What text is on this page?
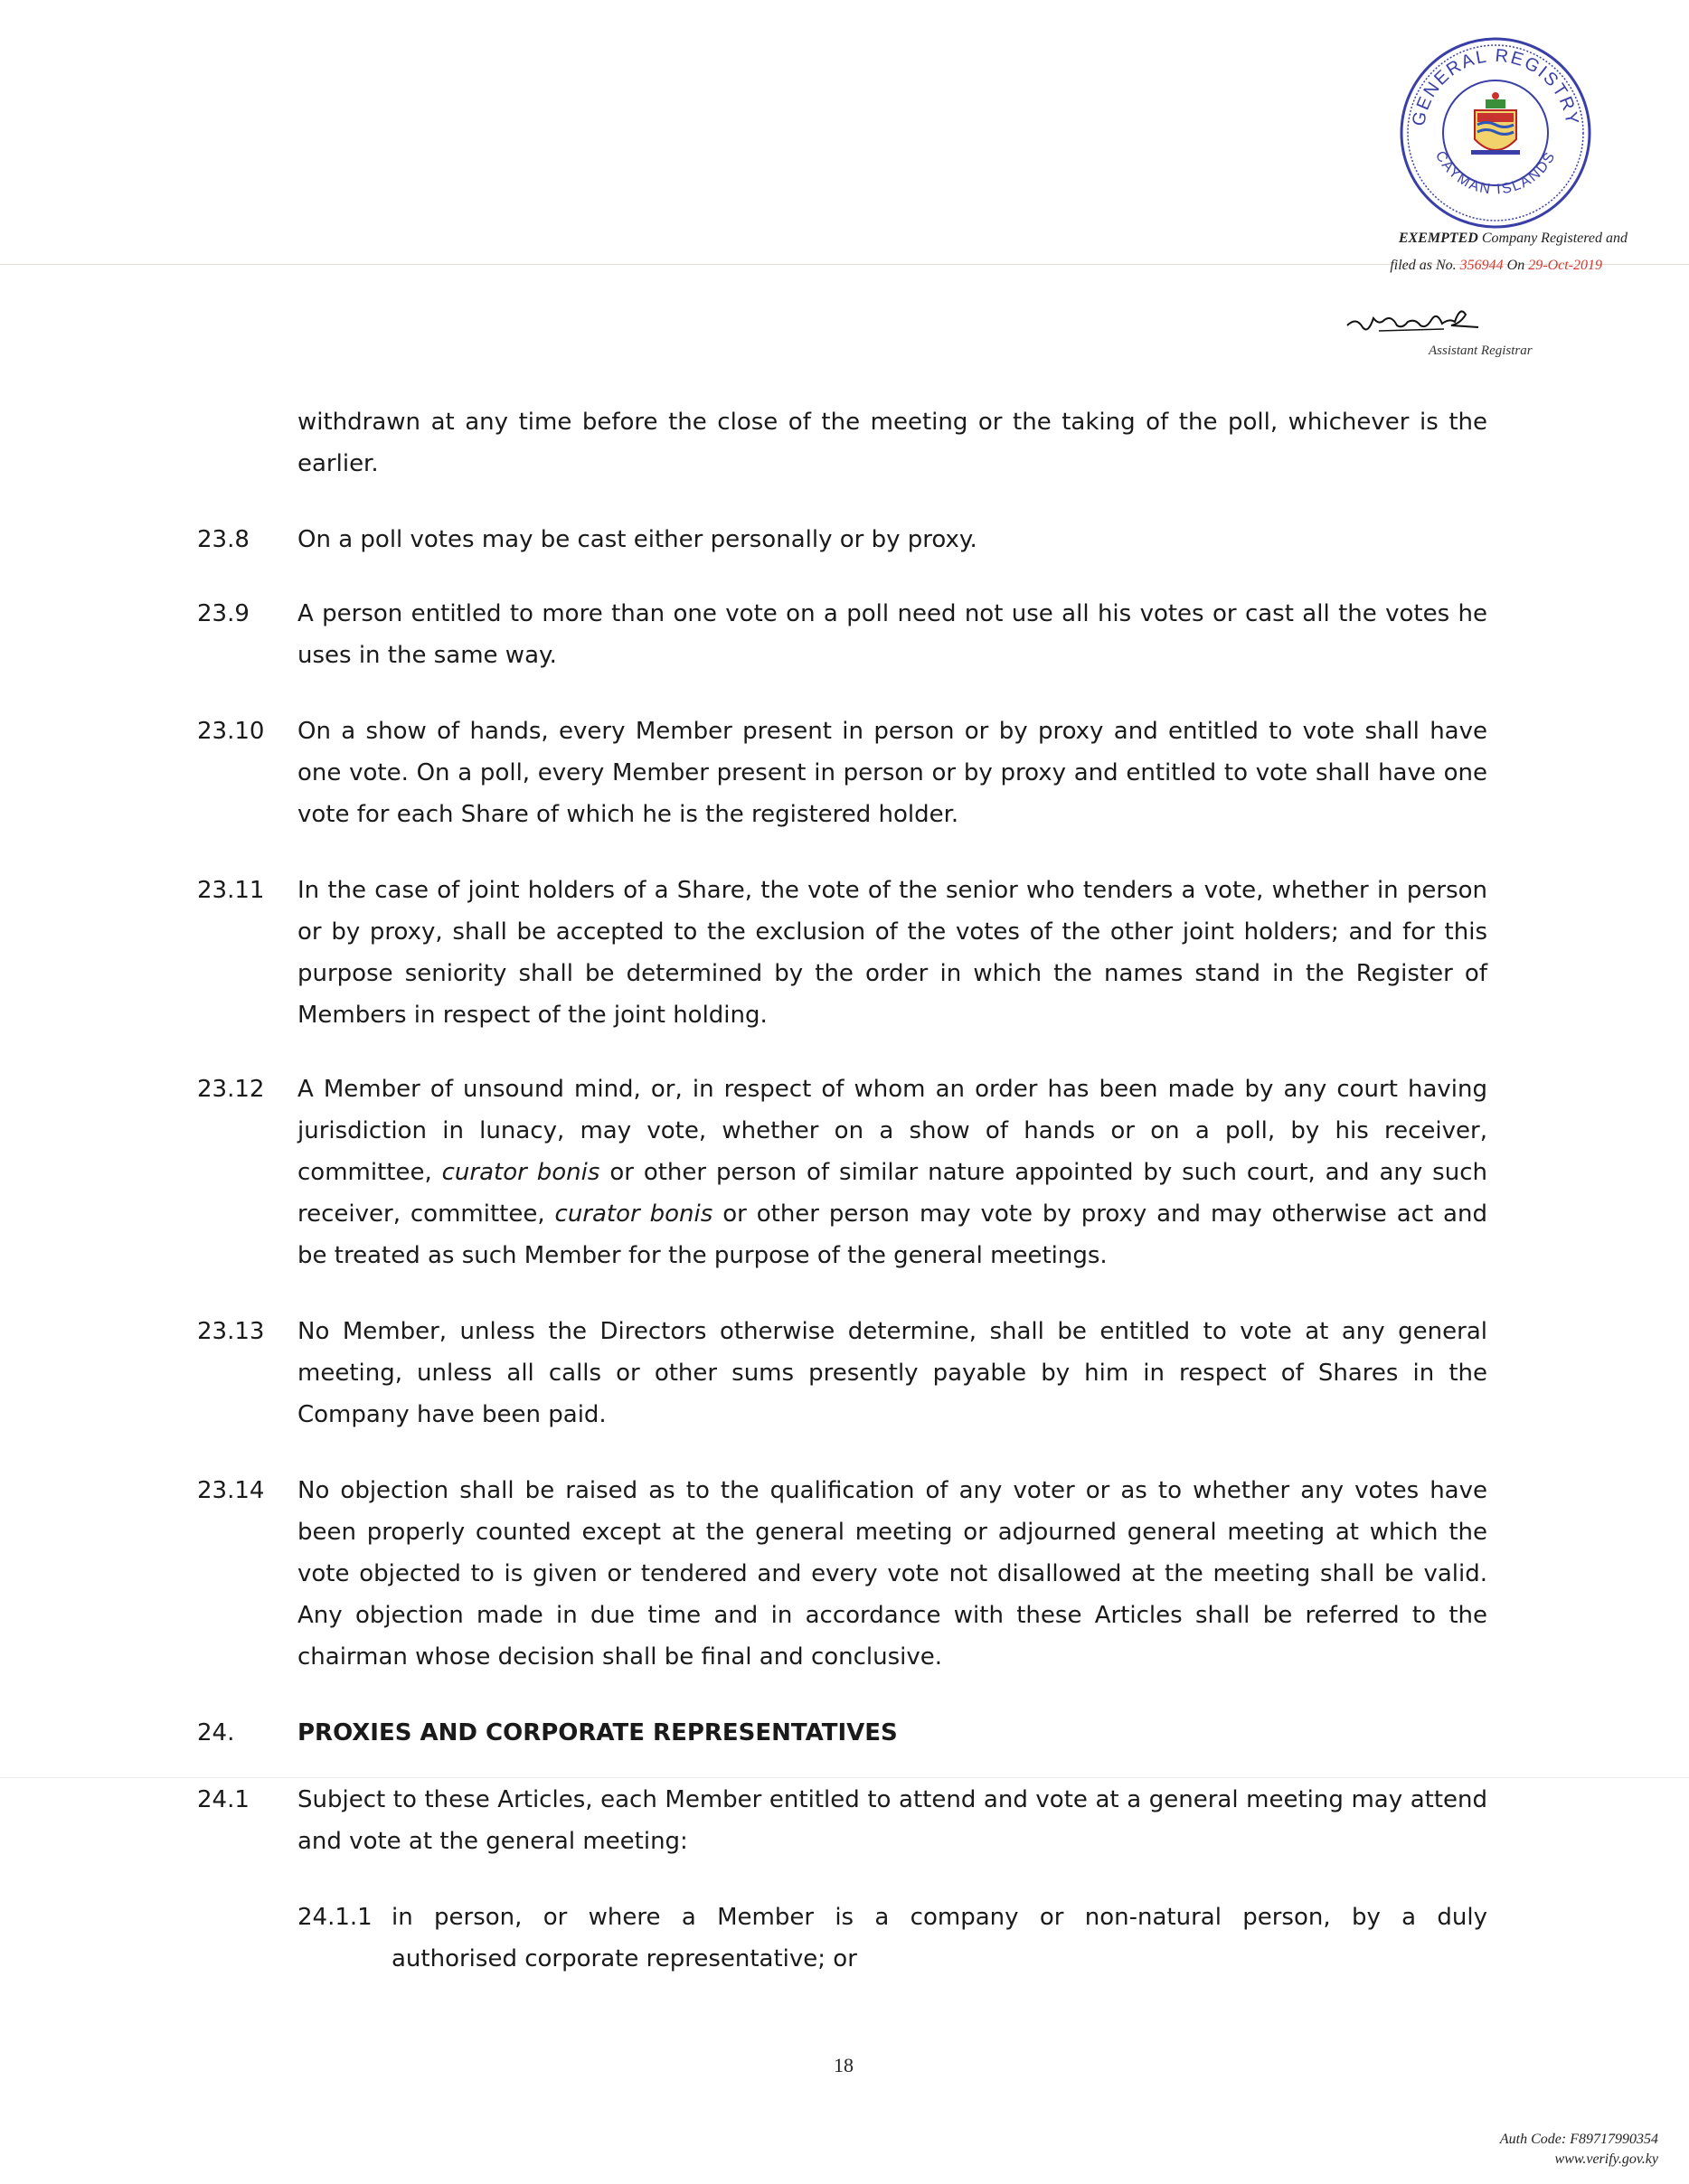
GENERAL REGISTRY
CAYMAN ISLANDS
EXEMPTED Company Registered and
filed as No. 356944 On 29-Oct-2019
Assistant Registrar
withdrawn at any time before the close of the meeting or the taking of the poll, whichever is the earlier.
23.8 On a poll votes may be cast either personally or by proxy.
23.9 A person entitled to more than one vote on a poll need not use all his votes or cast all the votes he uses in the same way.
23.10 On a show of hands, every Member present in person or by proxy and entitled to vote shall have one vote. On a poll, every Member present in person or by proxy and entitled to vote shall have one vote for each Share of which he is the registered holder.
23.11 In the case of joint holders of a Share, the vote of the senior who tenders a vote, whether in person or by proxy, shall be accepted to the exclusion of the votes of the other joint holders; and for this purpose seniority shall be determined by the order in which the names stand in the Register of Members in respect of the joint holding.
23.12 A Member of unsound mind, or, in respect of whom an order has been made by any court having jurisdiction in lunacy, may vote, whether on a show of hands or on a poll, by his receiver, committee, curator bonis or other person of similar nature appointed by such court, and any such receiver, committee, curator bonis or other person may vote by proxy and may otherwise act and be treated as such Member for the purpose of the general meetings.
23.13 No Member, unless the Directors otherwise determine, shall be entitled to vote at any general meeting, unless all calls or other sums presently payable by him in respect of Shares in the Company have been paid.
23.14 No objection shall be raised as to the qualification of any voter or as to whether any votes have been properly counted except at the general meeting or adjourned general meeting at which the vote objected to is given or tendered and every vote not disallowed at the meeting shall be valid. Any objection made in due time and in accordance with these Articles shall be referred to the chairman whose decision shall be final and conclusive.
24.	PROXIES AND CORPORATE REPRESENTATIVES
24.1 Subject to these Articles, each Member entitled to attend and vote at a general meeting may attend and vote at the general meeting:
24.1.1 in person, or where a Member is a company or non-natural person, by a duly
authorised corporate representative; or
18
Auth Code: F89717990354
www.verify.gov.ky
